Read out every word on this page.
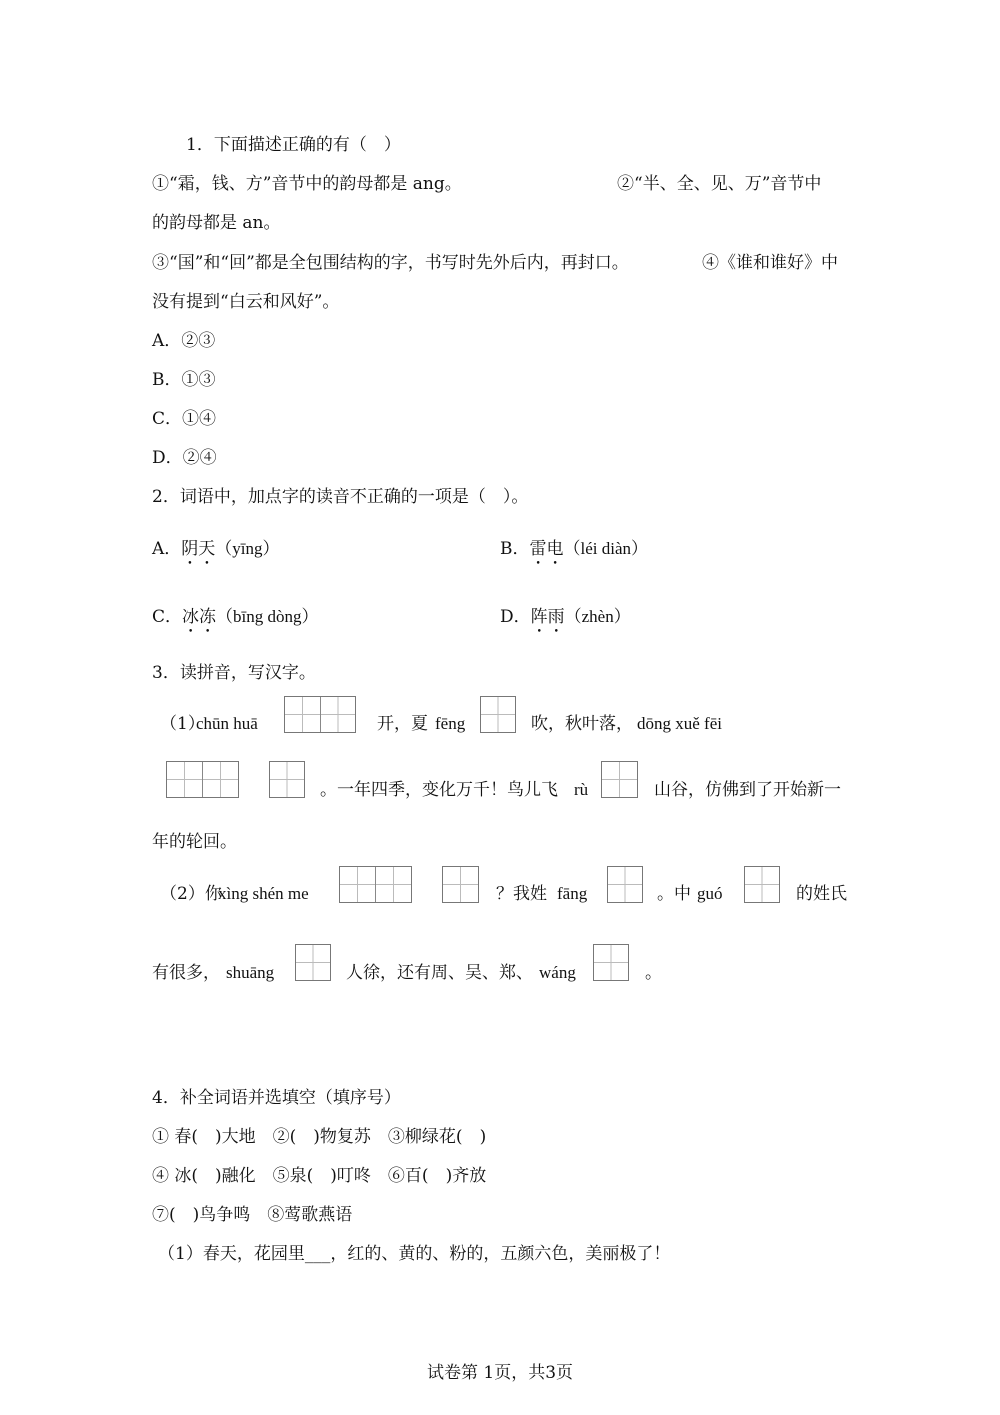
1．下面描述正确的有（　）
①“霜，钱、方”音节中的韵母都是 ang。	②“半、全、见、万”音节中
的韵母都是 an。
③“国”和“回”都是全包围结构的字，书写时先外后内，再封口。	④《谁和谁好》中
没有提到“白云和风好”。
A．②③
B．①③
C．①④
D．②④
2．词语中，加点字的读音不正确的一项是（　）。
A．阴天（yīng）	B．雷电（léi diàn）
C．冰冻（bīng dòng）	D．阵雨（zhèn）
3．读拼音，写汉字。
（1）
chūn huā	开，夏 fēng	吹，秋叶落， dōng xuě fēi
。一年四季，变化万千！鸟儿飞 rù	山谷，仿佛到了开始新一
年的轮回。
（2）你
xìng shén me	？我姓 fāng	。中 guó	的姓氏
有很多， shuāng	人徐，还有周、吴、郑、 wáng	。
4．补全词语并选填空（填序号）
① 春(　)大地　②(　)物复苏　③柳绿花(　)
④ 冰(　)融化　⑤泉(　)叮咚　⑥百(　)齐放
⑦(　)鸟争鸣　⑧莺歌燕语
（1）春天，花园里___，红的、黄的、粉的，五颜六色，美丽极了！
试卷第 1页，共3页
